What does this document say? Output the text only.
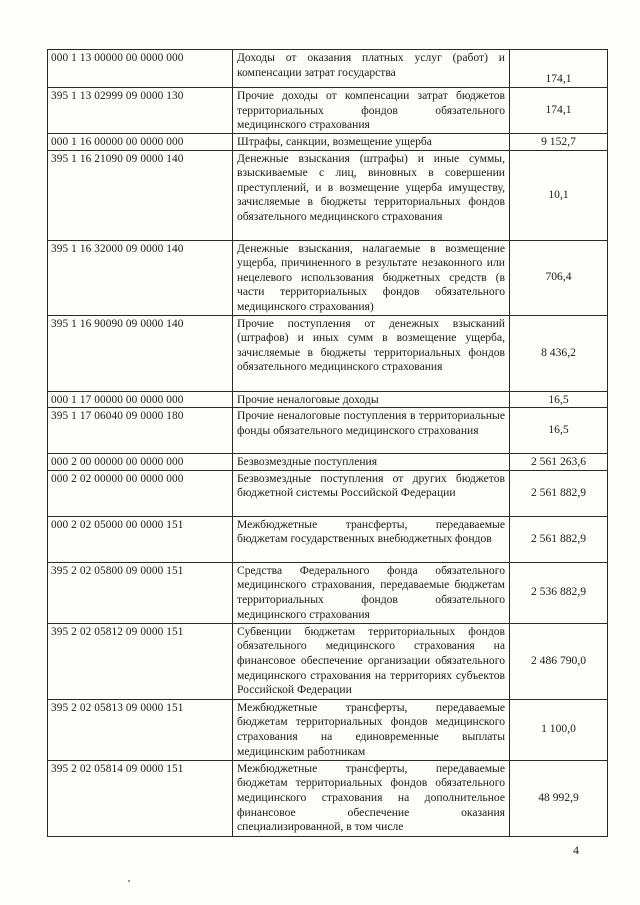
000 1 13 00000 00 0000 000	Доходы от оказания платных услуг (работ) и компенсации затрат государства	174,1
395 1 13 02999 09 0000 130	Прочие доходы от компенсации затрат бюджетов территориальных фондов обязательного медицинского страхования	174,1
000 1 16 00000 00 0000 000	Штрафы, санкции, возмещение ущерба	9 152,7
395 1 16 21090 09 0000 140	Денежные взыскания (штрафы) и иные суммы, взыскиваемые с лиц, виновных в совершении преступлений, и в возмещение ущерба имуществу, зачисляемые в бюджеты территориальных фондов обязательного медицинского страхования	10,1
395 1 16 32000 09 0000 140	Денежные взыскания, налагаемые в возмещение ущерба, причиненного в результате незаконного или нецелевого использования бюджетных средств (в части территориальных фондов обязательного медицинского страхования)	706,4
395 1 16 90090 09 0000 140	Прочие поступления от денежных взысканий (штрафов) и иных сумм в возмещение ущерба, зачисляемые в бюджеты территориальных фондов обязательного медицинского страхования	8 436,2
000 1 17 00000 00 0000 000	Прочие неналоговые доходы	16,5
395 1 17 06040 09 0000 180	Прочие неналоговые поступления в территориальные фонды обязательного медицинского страхования	16,5
000 2 00 00000 00 0000 000	Безвозмездные поступления	2 561 263,6
000 2 02 00000 00 0000 000	Безвозмездные поступления от других бюджетов бюджетной системы Российской Федерации	2 561 882,9
000 2 02 05000 00 0000 151	Межбюджетные трансферты, передаваемые бюджетам государственных внебюджетных фондов	2 561 882,9
395 2 02 05800 09 0000 151	Средства Федерального фонда обязательного медицинского страхования, передаваемые бюджетам территориальных фондов обязательного медицинского страхования	2 536 882,9
395 2 02 05812 09 0000 151	Субвенции бюджетам территориальных фондов обязательного медицинского страхования на финансовое обеспечение организации обязательного медицинского страхования на территориях субъектов Российской Федерации	2 486 790,0
395 2 02 05813 09 0000 151	Межбюджетные трансферты, передаваемые бюджетам территориальных фондов медицинского страхования на единовременные выплаты медицинским работникам	1 100,0
395 2 02 05814 09 0000 151	Межбюджетные трансферты, передаваемые бюджетам территориальных фондов обязательного медицинского страхования на дополнительное финансовое обеспечение оказания специализированной, в том числе	48 992,9
4
